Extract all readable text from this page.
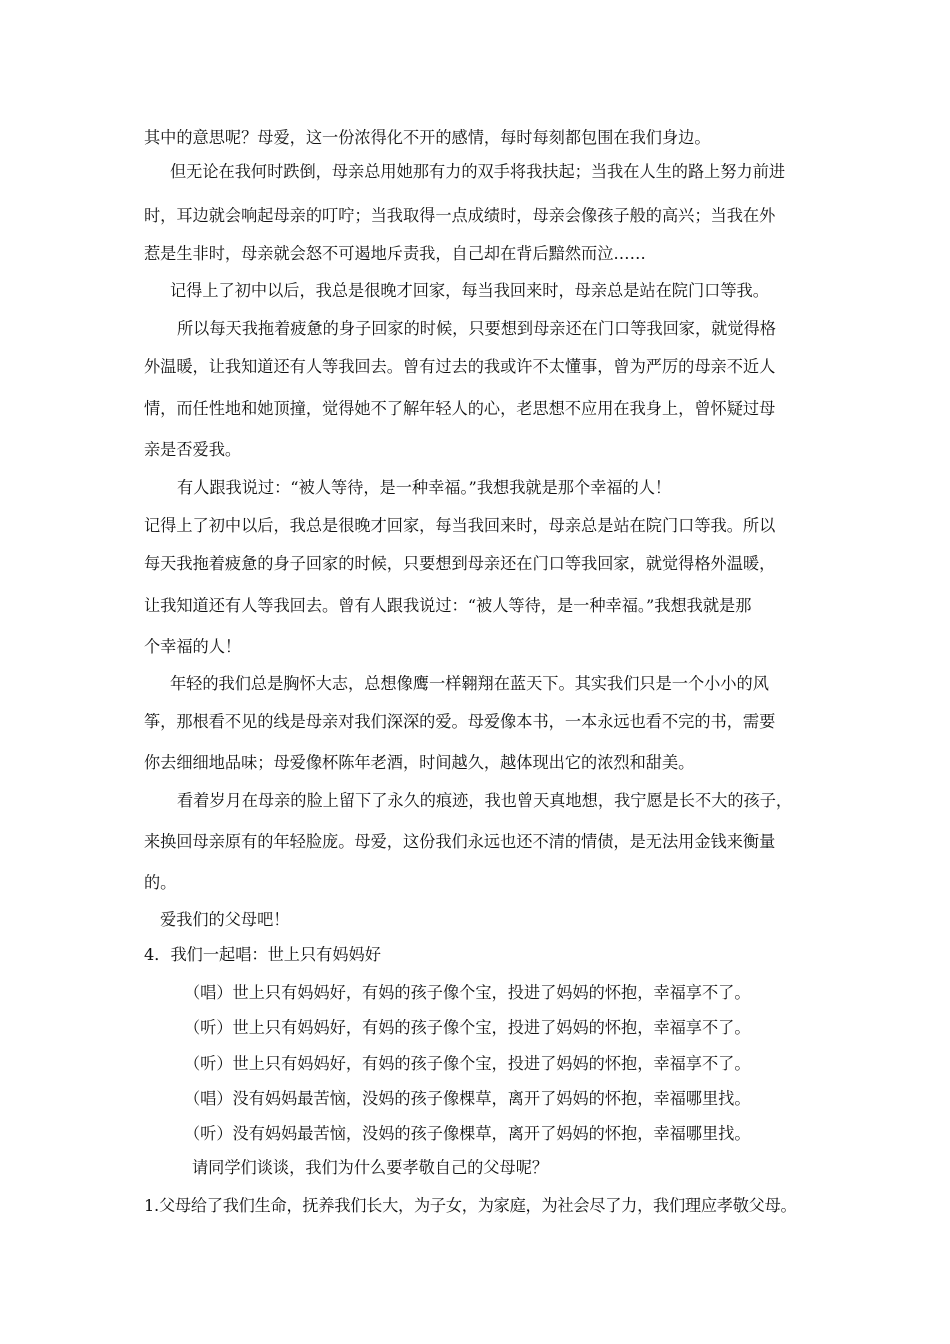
其中的意思呢？母爱，这一份浓得化不开的感情，每时每刻都包围在我们身边。
但无论在我何时跌倒，母亲总用她那有力的双手将我扶起；当我在人生的路上努力前进
时，耳边就会响起母亲的叮咛；当我取得一点成绩时，母亲会像孩子般的高兴；当我在外
惹是生非时，母亲就会怒不可遏地斥责我，自己却在背后黯然而泣……
记得上了初中以后，我总是很晚才回家，每当我回来时，母亲总是站在院门口等我。
所以每天我拖着疲惫的身子回家的时候，只要想到母亲还在门口等我回家，就觉得格
外温暖，让我知道还有人等我回去。曾有过去的我或许不太懂事，曾为严厉的母亲不近人
情，而任性地和她顶撞，觉得她不了解年轻人的心，老思想不应用在我身上，曾怀疑过母
亲是否爱我。
有人跟我说过：“被人等待，是一种幸福。”我想我就是那个幸福的人！
记得上了初中以后，我总是很晚才回家，每当我回来时，母亲总是站在院门口等我。所以
每天我拖着疲惫的身子回家的时候，只要想到母亲还在门口等我回家，就觉得格外温暖，
让我知道还有人等我回去。曾有人跟我说过：“被人等待，是一种幸福。”我想我就是那
个幸福的人！
年轻的我们总是胸怀大志，总想像鹰一样翱翔在蓝天下。其实我们只是一个小小的风
筝，那根看不见的线是母亲对我们深深的爱。母爱像本书，一本永远也看不完的书，需要
你去细细地品味；母爱像杯陈年老酒，时间越久，越体现出它的浓烈和甜美。
看着岁月在母亲的脸上留下了永久的痕迹，我也曾天真地想，我宁愿是长不大的孩子，
来换回母亲原有的年轻脸庞。母爱，这份我们永远也还不清的情债，是无法用金钱来衡量
的。
爱我们的父母吧！
4．我们一起唱：世上只有妈妈好
（唱）世上只有妈妈好，有妈的孩子像个宝，投进了妈妈的怀抱，幸福享不了。
（听）世上只有妈妈好，有妈的孩子像个宝，投进了妈妈的怀抱，幸福享不了。
（听）世上只有妈妈好，有妈的孩子像个宝，投进了妈妈的怀抱，幸福享不了。
（唱）没有妈妈最苦恼，没妈的孩子像棵草，离开了妈妈的怀抱，幸福哪里找。
（听）没有妈妈最苦恼，没妈的孩子像棵草，离开了妈妈的怀抱，幸福哪里找。
请同学们谈谈，我们为什么要孝敬自己的父母呢？
1.父母给了我们生命，抚养我们长大，为子女，为家庭，为社会尽了力，我们理应孝敬父母。
